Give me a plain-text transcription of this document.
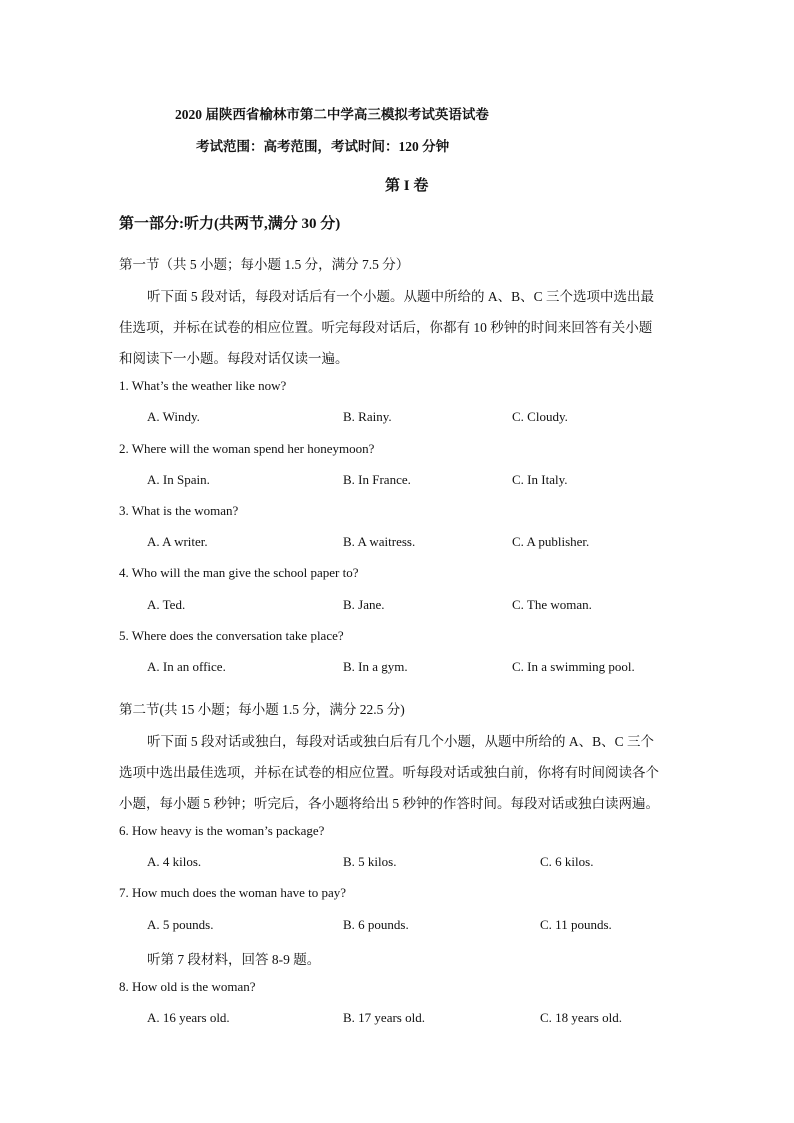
2020 届陕西省榆林市第二中学高三模拟考试英语试卷
考试范围：高考范围，考试时间：120 分钟
第 I 卷
第一部分:听力(共两节,满分 30 分)
第一节（共 5 小题；每小题 1.5 分，满分 7.5 分）
听下面 5 段对话，每段对话后有一个小题。从题中所给的 A、B、C 三个选项中选出最
佳选项，并标在试卷的相应位置。听完每段对话后，你都有 10 秒钟的时间来回答有关小题
和阅读下一小题。每段对话仅读一遍。
1. What’s the weather like now?
A. Windy.	B. Rainy.	C. Cloudy.
2. Where will the woman spend her honeymoon?
A. In Spain.	B. In France.	C. In Italy.
3. What is the woman?
A. A writer.	B. A waitress.	C. A publisher.
4. Who will the man give the school paper to?
A. Ted.	B. Jane.	C. The woman.
5. Where does the conversation take place?
A. In an office.	B. In a gym.	C. In a swimming pool.
第二节(共 15 小题；每小题 1.5 分，满分 22.5 分)
听下面 5 段对话或独白，每段对话或独白后有几个小题，从题中所给的 A、B、C 三个
选项中选出最佳选项，并标在试卷的相应位置。听每段对话或独白前，你将有时间阅读各个
小题，每小题 5 秒钟；听完后，各小题将给出 5 秒钟的作答时间。每段对话或独白读两遍。
6. How heavy is the woman’s package?
A. 4 kilos.	B. 5 kilos.	C. 6 kilos.
7. How much does the woman have to pay?
A. 5 pounds.	B. 6 pounds.	C. 11 pounds.
听第 7 段材料，回答 8-9 题。
8. How old is the woman?
A. 16 years old.	B. 17 years old.	C. 18 years old.
